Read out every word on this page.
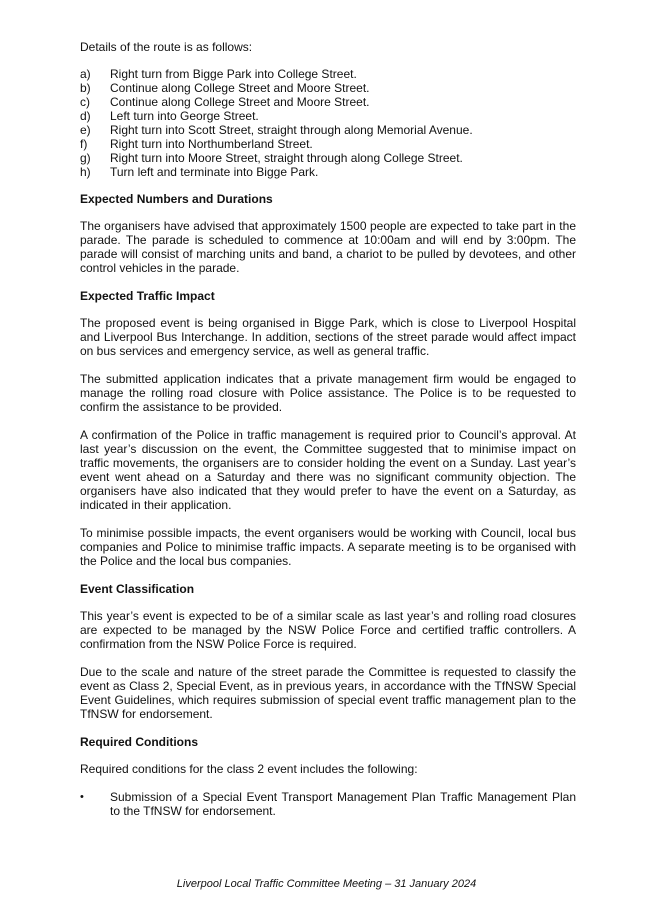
Details of the route is as follows:

a)	Right turn from Bigge Park into College Street.
b)	Continue along College Street and Moore Street.
c)	Continue along College Street and Moore Street.
d)	Left turn into George Street.
e)	Right turn into Scott Street, straight through along Memorial Avenue.
f)	Right turn into Northumberland Street.
g)	Right turn into Moore Street, straight through along College Street.
h)	Turn left and terminate into Bigge Park.
Expected Numbers and Durations

The organisers have advised that approximately 1500 people are expected to take part in the parade. The parade is scheduled to commence at 10:00am and will end by 3:00pm. The parade will consist of marching units and band, a chariot to be pulled by devotees, and other control vehicles in the parade.

Expected Traffic Impact

The proposed event is being organised in Bigge Park, which is close to Liverpool Hospital and Liverpool Bus Interchange. In addition, sections of the street parade would affect impact on bus services and emergency service, as well as general traffic.

The submitted application indicates that a private management firm would be engaged to manage the rolling road closure with Police assistance. The Police is to be requested to confirm the assistance to be provided.

A confirmation of the Police in traffic management is required prior to Council’s approval. At last year’s discussion on the event, the Committee suggested that to minimise impact on traffic movements, the organisers are to consider holding the event on a Sunday. Last year’s event went ahead on a Saturday and there was no significant community objection. The organisers have also indicated that they would prefer to have the event on a Saturday, as indicated in their application.

To minimise possible impacts, the event organisers would be working with Council, local bus companies and Police to minimise traffic impacts. A separate meeting is to be organised with the Police and the local bus companies.

Event Classification

This year’s event is expected to be of a similar scale as last year’s and rolling road closures are expected to be managed by the NSW Police Force and certified traffic controllers. A confirmation from the NSW Police Force is required.

Due to the scale and nature of the street parade the Committee is requested to classify the event as Class 2, Special Event, as in previous years, in accordance with the TfNSW Special Event Guidelines, which requires submission of special event traffic management plan to the TfNSW for endorsement.

Required Conditions

Required conditions for the class 2 event includes the following:

•	Submission of a Special Event Transport Management Plan Traffic Management Plan to the TfNSW for endorsement.
Liverpool Local Traffic Committee Meeting – 31 January 2024
